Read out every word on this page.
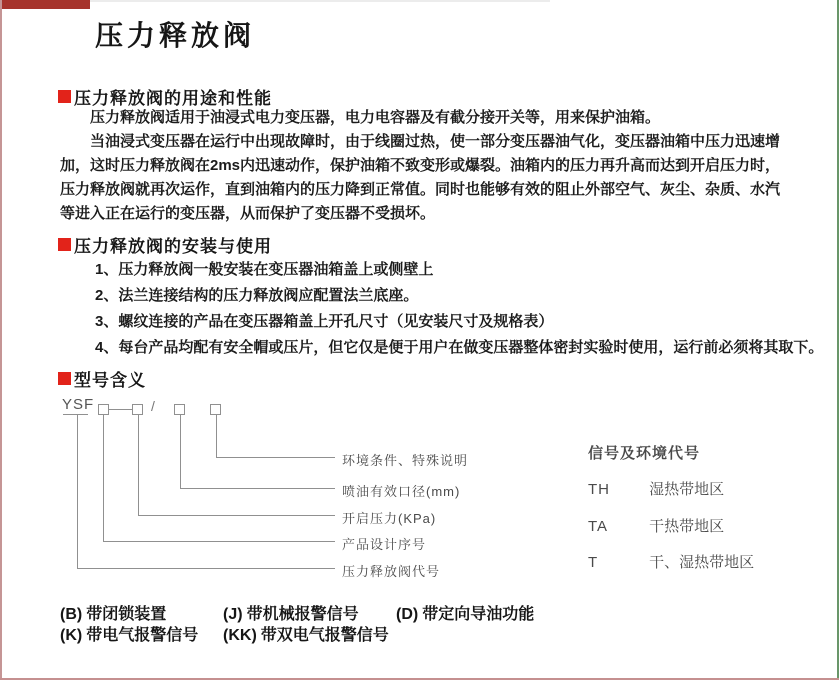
压力释放阀
压力释放阀的用途和性能
　　压力释放阀适用于油浸式电力变压器，电力电容器及有截分接开关等，用来保护油箱。
　　当油浸式变压器在运行中出现故障时，由于线圈过热，使一部分变压器油气化，变压器油箱中压力迅速增
加，这时压力释放阀在2ms内迅速动作，保护油箱不致变形或爆裂。油箱内的压力再升高而达到开启压力时，
压力释放阀就再次运作，直到油箱内的压力降到正常值。同时也能够有效的阻止外部空气、灰尘、杂质、水汽
等进入正在运行的变压器，从而保护了变压器不受损坏。
压力释放阀的安装与使用
1、压力释放阀一般安装在变压器油箱盖上或侧壁上
2、法兰连接结构的压力释放阀应配置法兰底座。
3、螺纹连接的产品在变压器箱盖上开孔尺寸（见安装尺寸及规格表）
4、每台产品均配有安全帽或压片，但它仅是便于用户在做变压器整体密封实验时使用，运行前必须将其取下。
型号含义
YSF	/
环境条件、特殊说明
喷油有效口径(mm)
开启压力(KPa)
产品设计序号
压力释放阀代号
信号及环境代号
TH	湿热带地区
TA	干热带地区
T	干、湿热带地区
(B) 带闭锁装置	(J) 带机械报警信号 (D) 带定向导油功能
(K) 带电气报警信号 (KK) 带双电气报警信号
